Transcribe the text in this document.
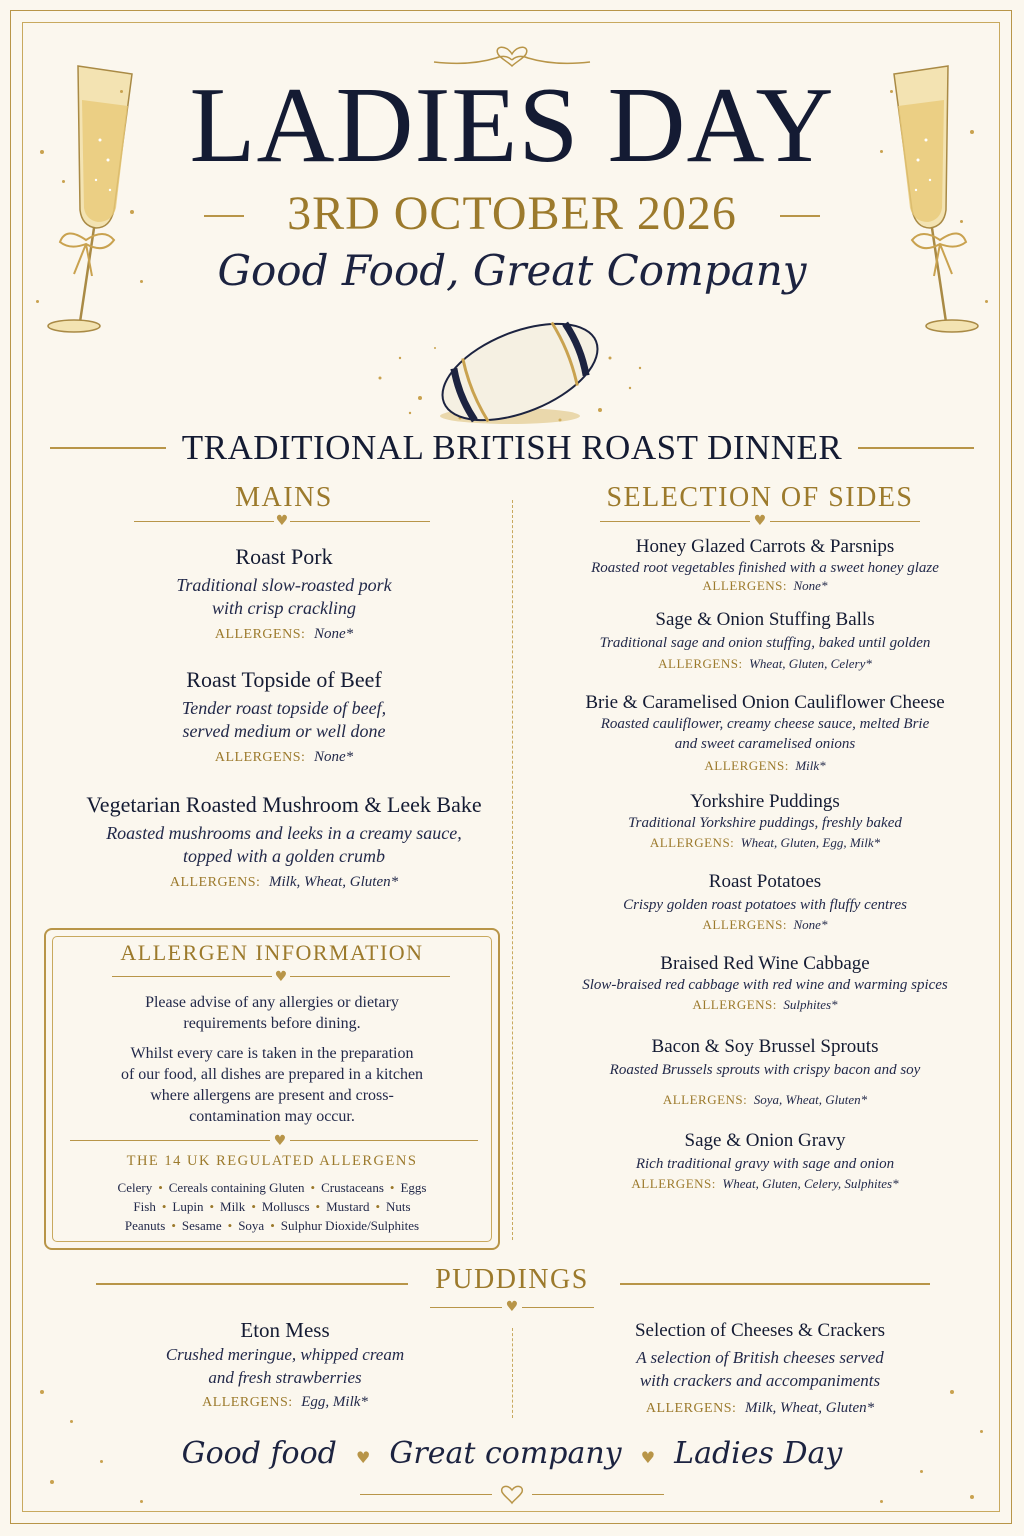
LADIES DAY
3RD OCTOBER 2026
Good Food, Great Company
TRADITIONAL BRITISH ROAST DINNER
MAINS
♥
SELECTION OF SIDES
♥
Roast Pork
Traditional slow-roasted pork
with crisp crackling
ALLERGENS: None*
Roast Topside of Beef
Tender roast topside of beef,
served medium or well done
ALLERGENS: None*
Vegetarian Roasted Mushroom & Leek Bake
Roasted mushrooms and leeks in a creamy sauce,
topped with a golden crumb
ALLERGENS: Milk, Wheat, Gluten*
ALLERGEN INFORMATION
♥
Please advise of any allergies or dietary
requirements before dining.
Whilst every care is taken in the preparation
of our food, all dishes are prepared in a kitchen
where allergens are present and cross-
contamination may occur.
♥
THE 14 UK REGULATED ALLERGENS
Celery • Cereals containing Gluten • Crustaceans • Eggs
Fish • Lupin • Milk • Molluscs • Mustard • Nuts
Peanuts • Sesame • Soya • Sulphur Dioxide/Sulphites
Honey Glazed Carrots & Parsnips
Roasted root vegetables finished with a sweet honey glaze
ALLERGENS: None*
Sage & Onion Stuffing Balls
Traditional sage and onion stuffing, baked until golden
ALLERGENS: Wheat, Gluten, Celery*
Brie & Caramelised Onion Cauliflower Cheese
Roasted cauliflower, creamy cheese sauce, melted Brie
and sweet caramelised onions
ALLERGENS: Milk*
Yorkshire Puddings
Traditional Yorkshire puddings, freshly baked
ALLERGENS: Wheat, Gluten, Egg, Milk*
Roast Potatoes
Crispy golden roast potatoes with fluffy centres
ALLERGENS: None*
Braised Red Wine Cabbage
Slow-braised red cabbage with red wine and warming spices
ALLERGENS: Sulphites*
Bacon & Soy Brussel Sprouts
Roasted Brussels sprouts with crispy bacon and soy
ALLERGENS: Soya, Wheat, Gluten*
Sage & Onion Gravy
Rich traditional gravy with sage and onion
ALLERGENS: Wheat, Gluten, Celery, Sulphites*
PUDDINGS
♥
Eton Mess
Crushed meringue, whipped cream
and fresh strawberries
ALLERGENS: Egg, Milk*
Selection of Cheeses & Crackers
A selection of British cheeses served
with crackers and accompaniments
ALLERGENS: Milk, Wheat, Gluten*
Good food ♥ Great company ♥ Ladies Day
